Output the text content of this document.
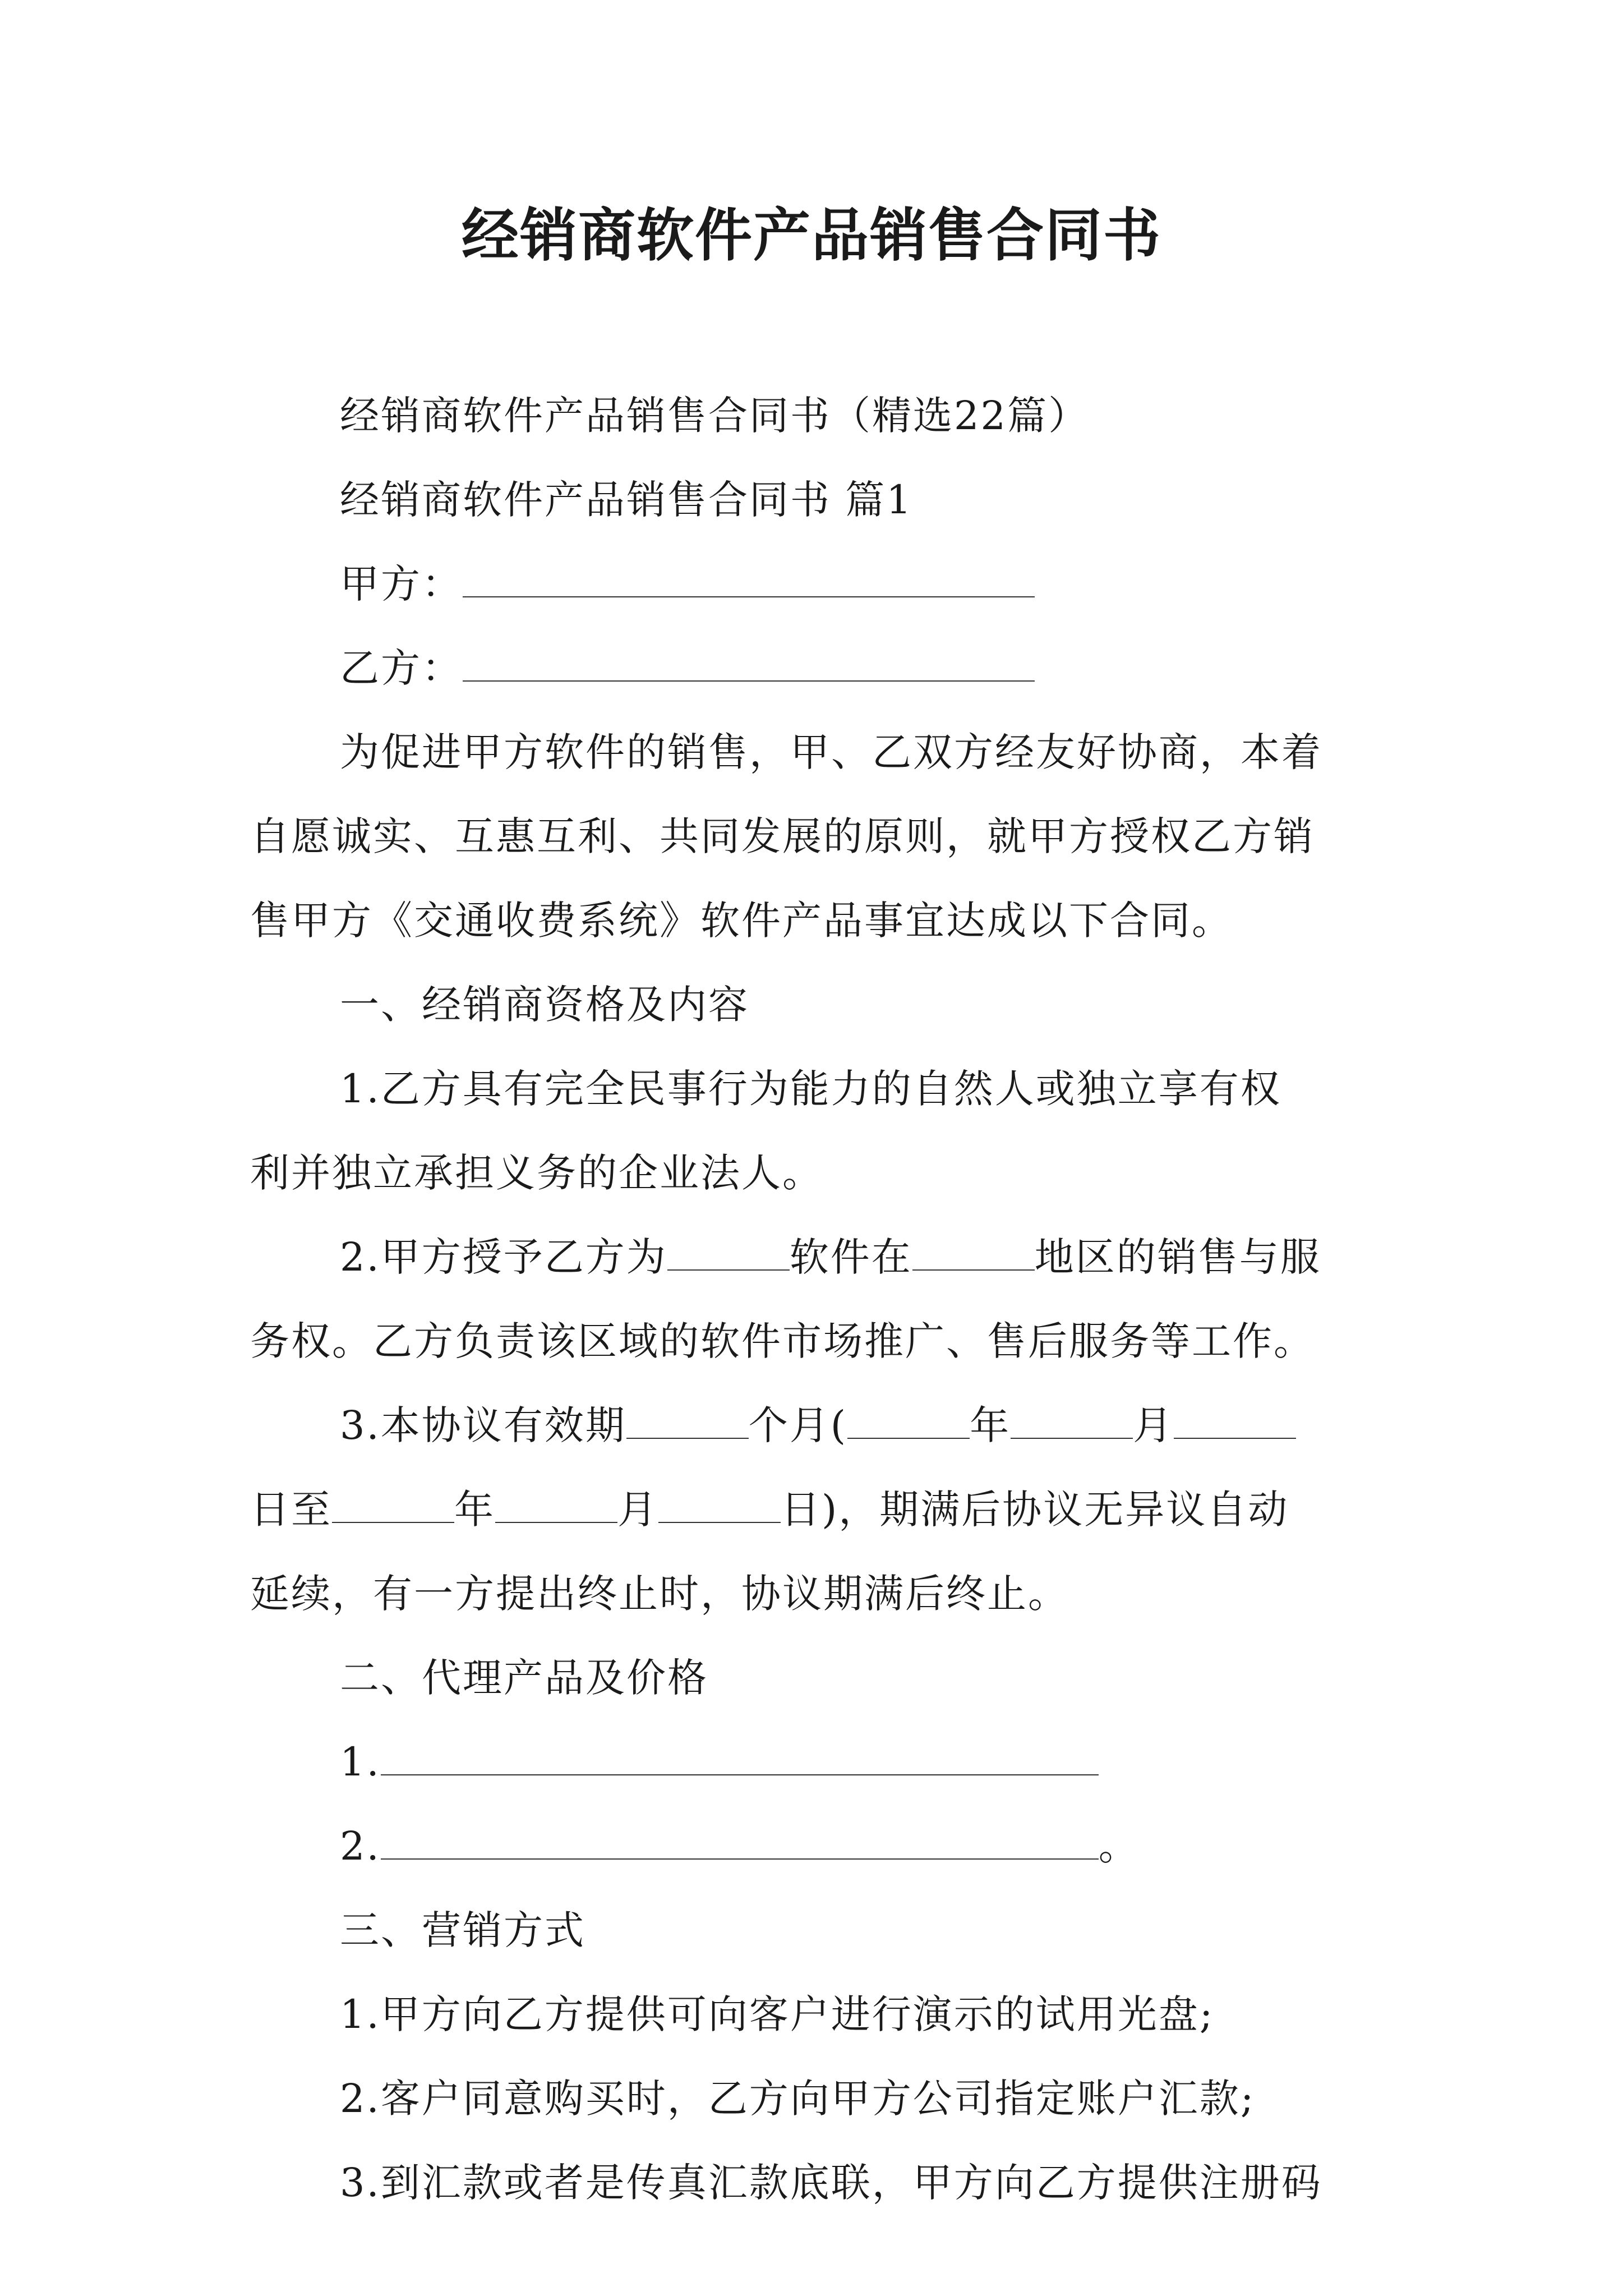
经销商软件产品销售合同书

经销商软件产品销售合同书（精选22篇）

经销商软件产品销售合同书 篇1

甲方：

乙方：

为促进甲方软件的销售，甲、乙双方经友好协商，本着

自愿诚实、互惠互利、共同发展的原则，就甲方授权乙方销

售甲方《交通收费系统》软件产品事宜达成以下合同。

一、经销商资格及内容

1.乙方具有完全民事行为能力的自然人或独立享有权

利并独立承担义务的企业法人。

2.甲方授予乙方为	软件在	地区的销售与服

务权。乙方负责该区域的软件市场推广、售后服务等工作。

3.本协议有效期	个月(	年	月

日至	年	月	日)，期满后协议无异议自动

延续，有一方提出终止时，协议期满后终止。

二、代理产品及价格

1.

2.	。

三、营销方式

1.甲方向乙方提供可向客户进行演示的试用光盘;

2.客户同意购买时，乙方向甲方公司指定账户汇款;

3.到汇款或者是传真汇款底联，甲方向乙方提供注册码
